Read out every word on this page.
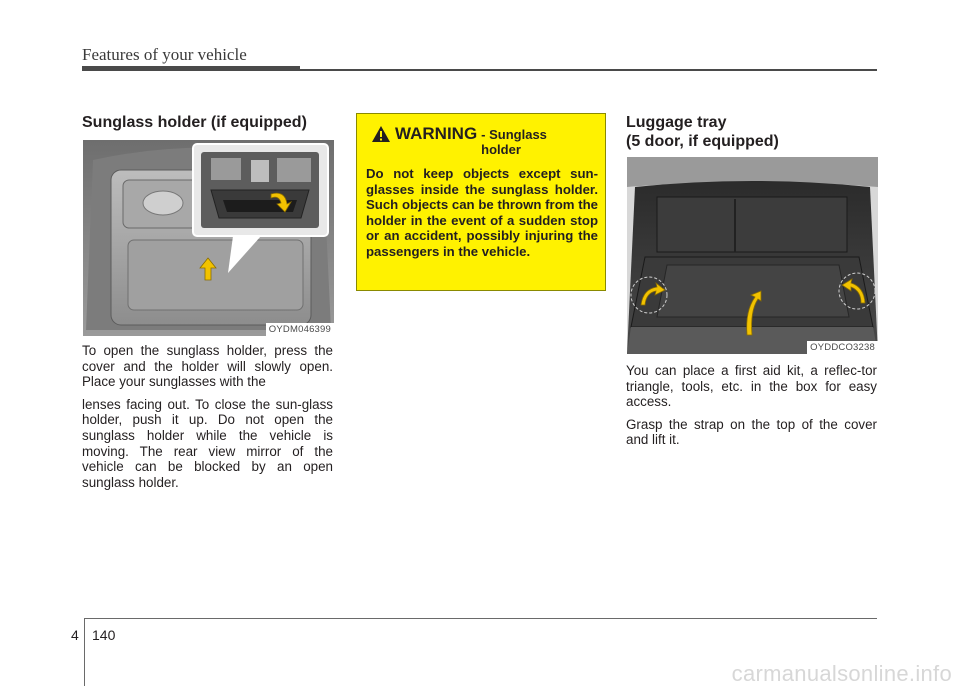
Features of your vehicle
Sunglass holder (if equipped)
OYDM046399

To open the sunglass holder, press the cover and the holder will slowly open. Place your sunglasses with the

lenses facing out. To close the sun-glass holder, push it up. Do not open the sunglass holder while the vehicle is moving. The rear view mirror of the vehicle can be blocked by an open sunglass holder.

WARNING - Sunglass holder
Do not keep objects except sun-glasses inside the sunglass holder. Such objects can be thrown from the holder in the event of a sudden stop or an accident, possibly injuring the passengers in the vehicle.
Luggage tray
(5 door, if equipped)
OYDDCO3238

You can place a first aid kit, a reflec-tor triangle, tools, etc. in the box for easy access.

Grasp the strap on the top of the cover and lift it.

4 140
carmanualsonline.info
